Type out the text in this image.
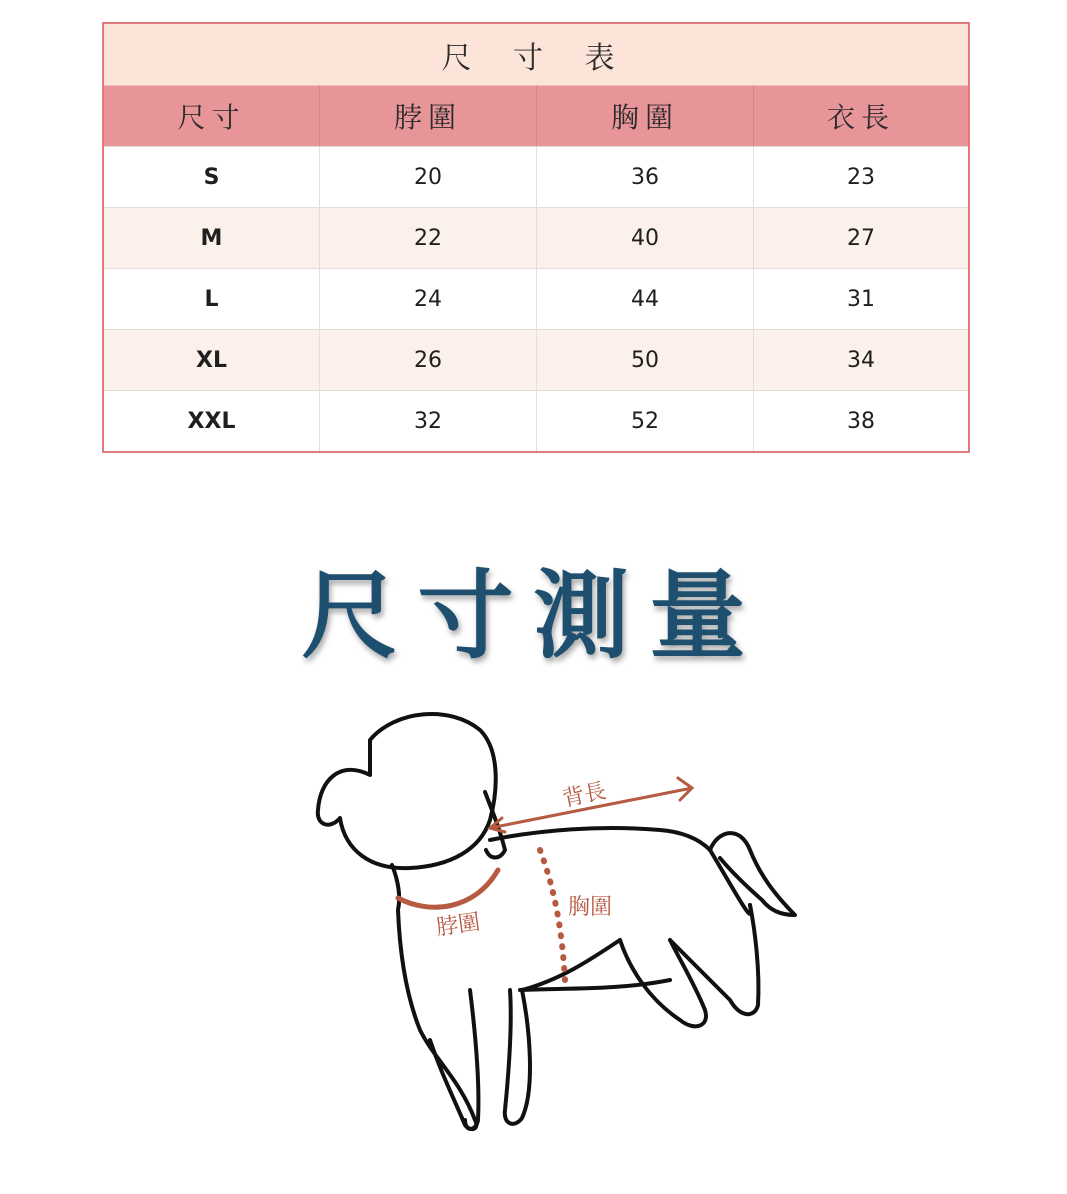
尺 寸 表
尺寸	脖圍	胸圍	衣長
S	20	36	23
M	22	40	27
L	24	44	31
XL	26	50	34
XXL	32	52	38
尺寸測量
背長
脖圍
胸圍
